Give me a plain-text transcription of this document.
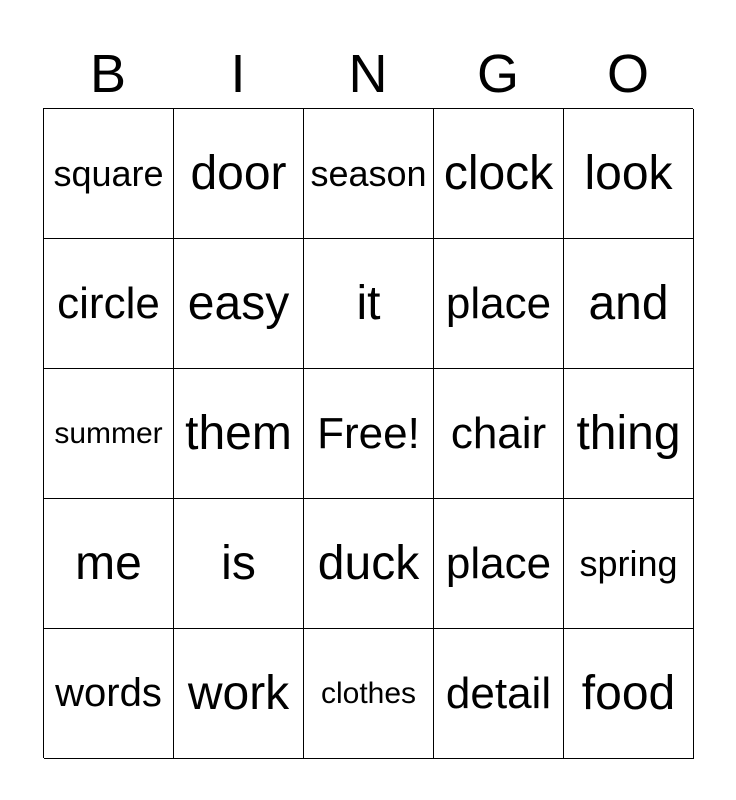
B	I	N	G	O
square door season clock look
circle easy it place and
summer them Free! chair thing
me is duck place spring
words work clothes detail food
